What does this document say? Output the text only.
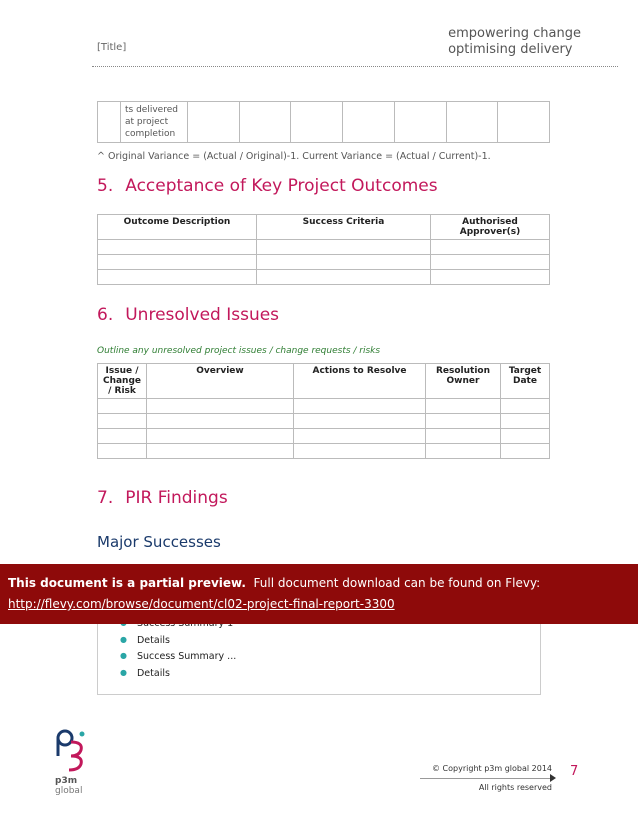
[Title]
empowering change
optimising delivery

ts delivered
at project
completion

^ Original Variance = (Actual / Original)-1. Current Variance = (Actual / Current)-1.
5. Acceptance of Key Project Outcomes
Outcome Description	Success Criteria	Authorised Approver(s)

6. Unresolved Issues
Outline any unresolved project issues / change requests / risks
Issue / Change / Risk	Overview	Actions to Resolve	Resolution Owner	Target Date

7. PIR Findings
Major Successes
●
● Details
● Success Summary ...
● Details
This document is a partial preview. Full document download can be found on Flevy:
http://flevy.com/browse/document/cl02-project-final-report-3300
p3m
global
© Copyright p3m global 2014
All rights reserved
7
